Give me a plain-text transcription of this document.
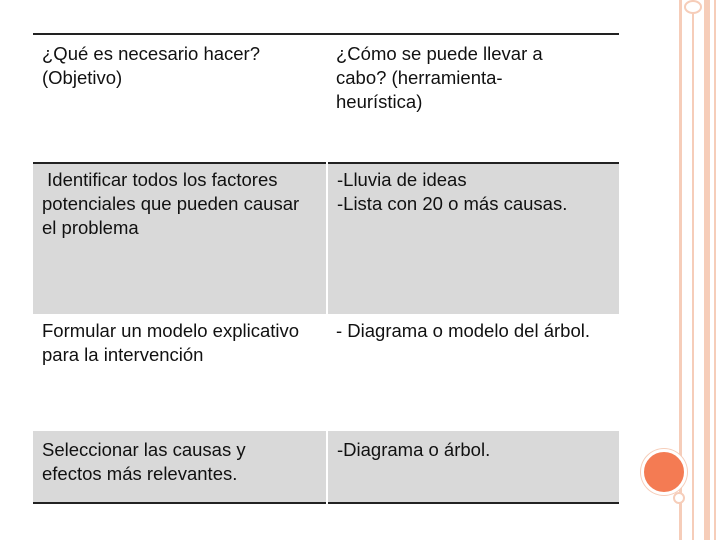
¿Qué es necesario hacer?
(Objetivo)	¿Cómo se puede llevar a
cabo? (herramienta-
heurística)

Identificar todos los factores
potenciales que pueden causar
el problema	-Lluvia de ideas
-Lista con 20 o más causas.

Formular un modelo explicativo
para la intervención	- Diagrama o modelo del árbol.

Seleccionar las causas y
efectos más relevantes.	-Diagrama o árbol.
